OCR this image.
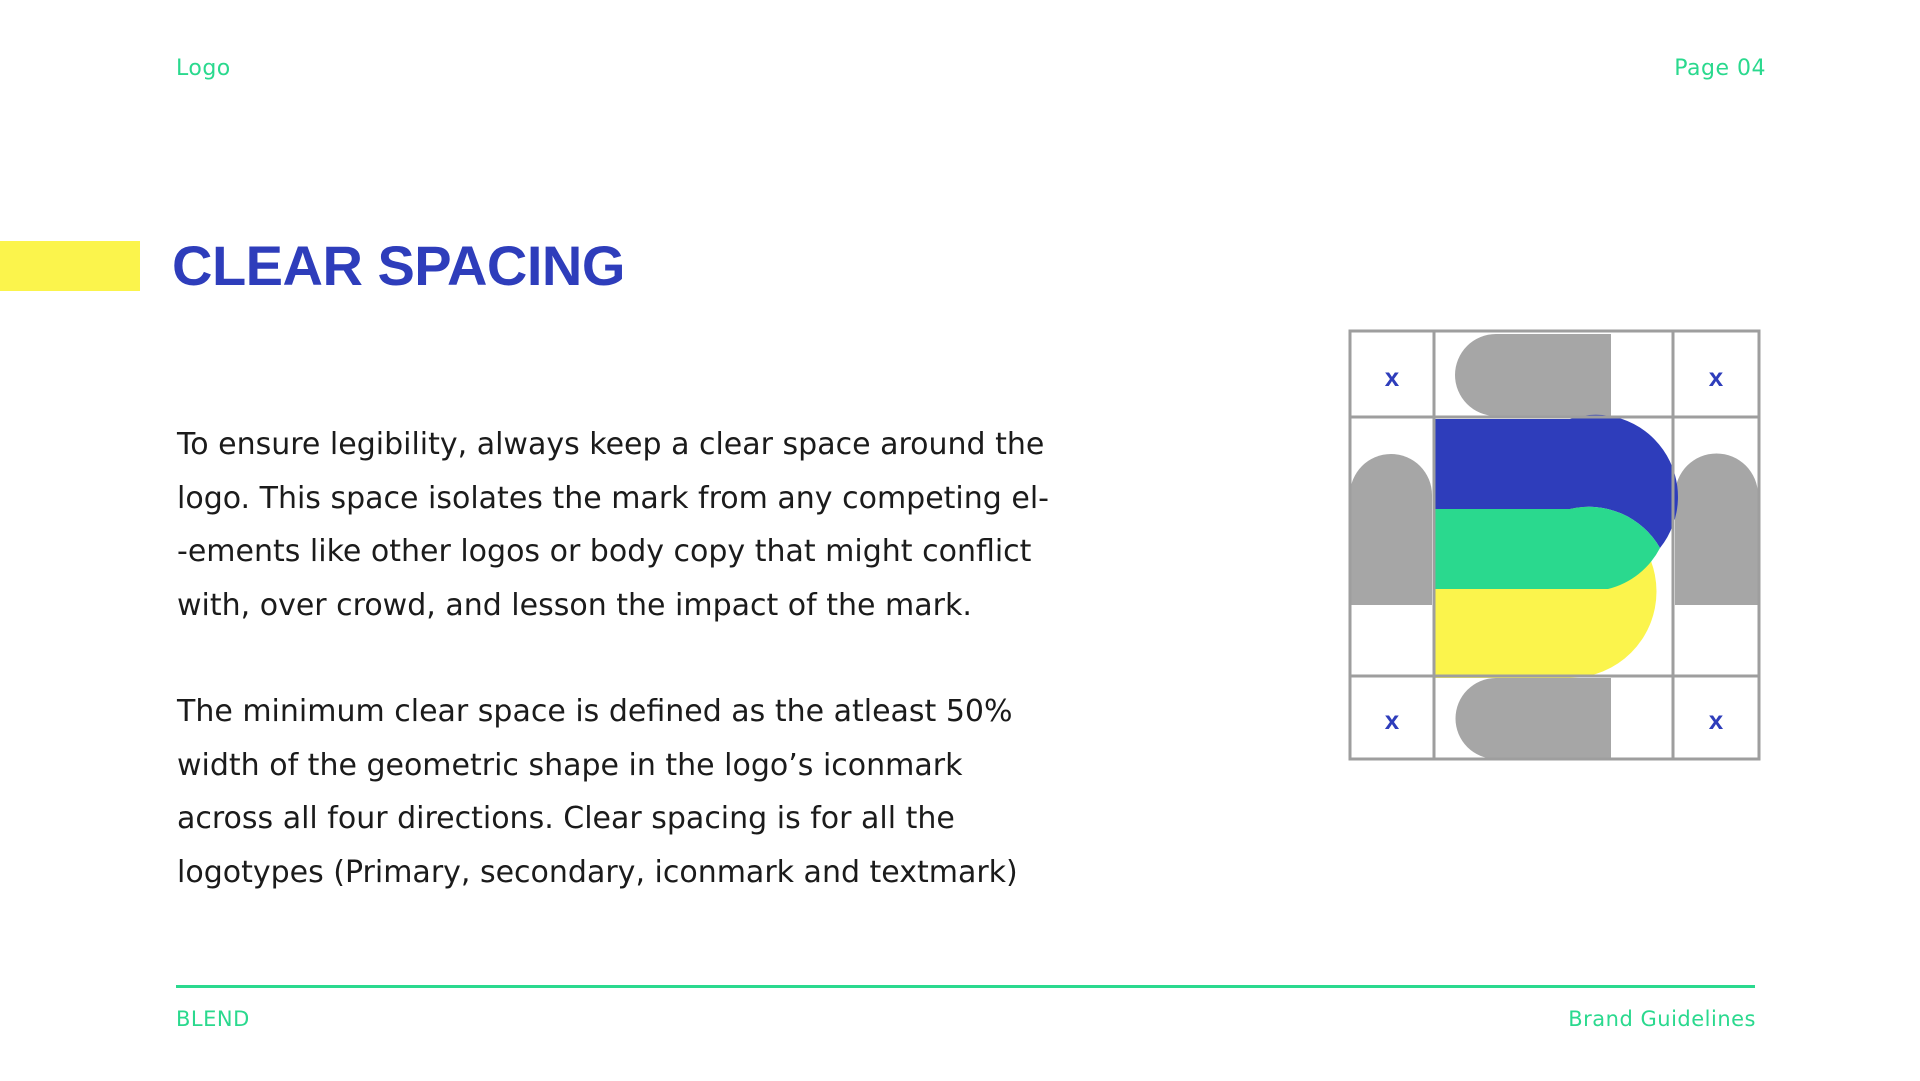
Logo	Page 04
CLEAR SPACING

To ensure legibility, always keep a clear space around the
logo. This space isolates the mark from any competing el-
-ements like other logos or body copy that might conflict
with, over crowd, and lesson the impact of the mark.

The minimum clear space is defined as the atleast 50%
width of the geometric shape in the logo’s iconmark
across all four directions. Clear spacing is for all the
logotypes (Primary, secondary, iconmark and textmark)

x	x
x	x
BLEND	Brand Guidelines
